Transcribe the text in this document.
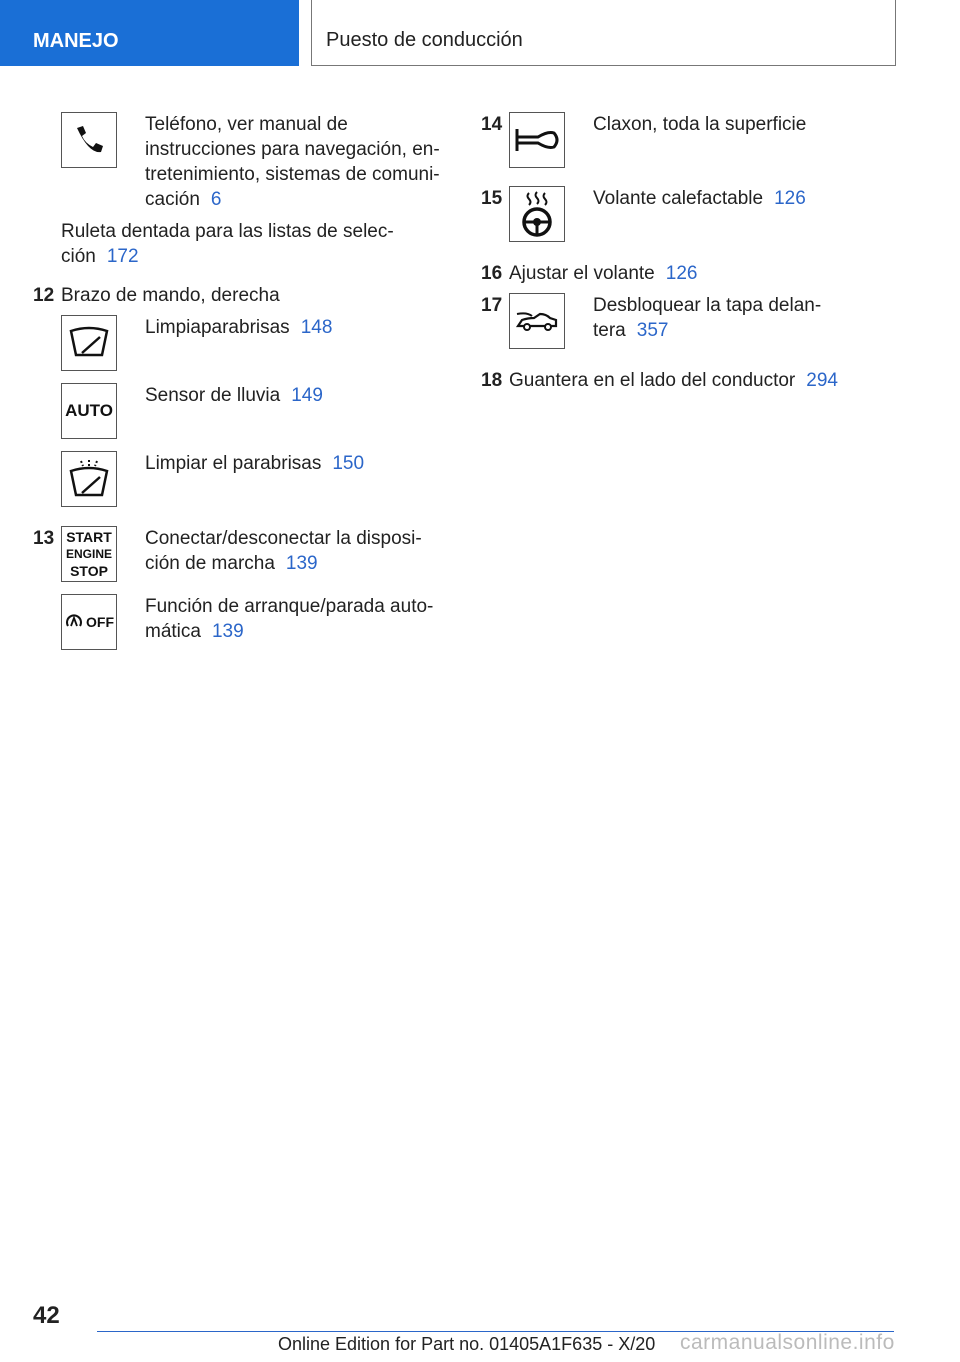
MANEJO	Puesto de conducción
Teléfono, ver manual de
instrucciones para navegación, en-
tretenimiento, sistemas de comuni-
cación 6
Ruleta dentada para las listas de selec-
ción 172
12 Brazo de mando, derecha
Limpiaparabrisas 148
AUTO
Sensor de lluvia 149
Limpiar el parabrisas 150
13 START
ENGINE
STOP
Conectar/desconectar la disposi-
ción de marcha 139
OFF
Función de arranque/parada auto-
mática 139
14	Claxon, toda la superficie
15	Volante calefactable 126
16 Ajustar el volante 126
17	Desbloquear la tapa delan-
tera 357
18 Guantera en el lado del conductor 294
42
Online Edition for Part no. 01405A1F635 - X/20 carmanualsonline.info
